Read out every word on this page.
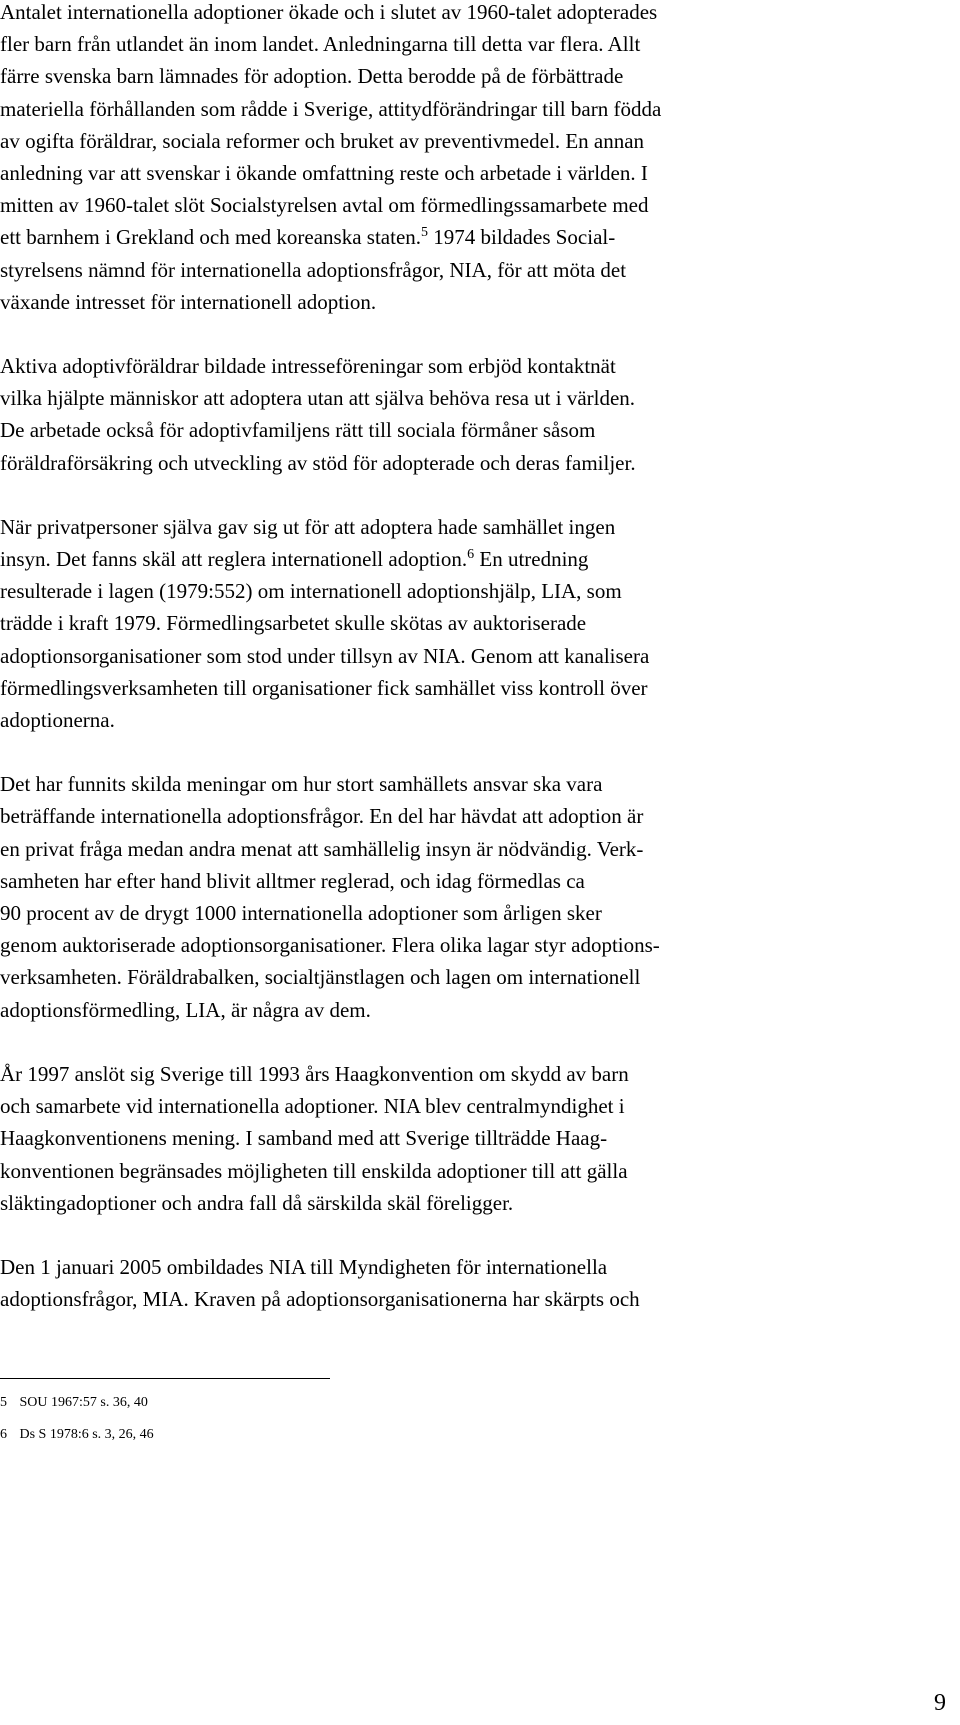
Antalet internationella adoptioner ökade och i slutet av 1960-talet adopterades
fler barn från utlandet än inom landet. Anledningarna till detta var flera. Allt
färre svenska barn lämnades för adoption. Detta berodde på de förbättrade
materiella förhållanden som rådde i Sverige, attitydförändringar till barn födda
av ogifta föräldrar, sociala reformer och bruket av preventivmedel. En annan
anledning var att svenskar i ökande omfattning reste och arbetade i världen. I
mitten av 1960-talet slöt Socialstyrelsen avtal om förmedlingssamarbete med
ett barnhem i Grekland och med koreanska staten.$^5$ 1974 bildades Social-
styrelsens nämnd för internationella adoptionsfrågor, NIA, för att möta det
växande intresset för internationell adoption.

Aktiva adoptivföräldrar bildade intresseföreningar som erbjöd kontaktnät
vilka hjälpte människor att adoptera utan att själva behöva resa ut i världen.
De arbetade också för adoptivfamiljens rätt till sociala förmåner såsom
föräldraförsäkring och utveckling av stöd för adopterade och deras familjer.

När privatpersoner själva gav sig ut för att adoptera hade samhället ingen
insyn. Det fanns skäl att reglera internationell adoption.$^6$ En utredning
resulterade i lagen (1979:552) om internationell adoptionshjälp, LIA, som
trädde i kraft 1979. Förmedlingsarbetet skulle skötas av auktoriserade
adoptionsorganisationer som stod under tillsyn av NIA. Genom att kanalisera
förmedlingsverksamheten till organisationer fick samhället viss kontroll över
adoptionerna.

Det har funnits skilda meningar om hur stort samhällets ansvar ska vara
beträffande internationella adoptionsfrågor. En del har hävdat att adoption är
en privat fråga medan andra menat att samhällelig insyn är nödvändig. Verk-
samheten har efter hand blivit alltmer reglerad, och idag förmedlas ca
90 procent av de drygt 1000 internationella adoptioner som årligen sker
genom auktoriserade adoptionsorganisationer. Flera olika lagar styr adoptions-
verksamheten. Föräldrabalken, socialtjänstlagen och lagen om internationell
adoptionsförmedling, LIA, är några av dem.

År 1997 anslöt sig Sverige till 1993 års Haagkonvention om skydd av barn
och samarbete vid internationella adoptioner. NIA blev centralmyndighet i
Haagkonventionens mening. I samband med att Sverige tillträdde Haag-
konventionen begränsades möjligheten till enskilda adoptioner till att gälla
släktingadoptioner och andra fall då särskilda skäl föreligger.

Den 1 januari 2005 ombildades NIA till Myndigheten för internationella
adoptionsfrågor, MIA. Kraven på adoptionsorganisationerna har skärpts och

5 SOU 1967:57 s. 36, 40

6 Ds S 1978:6 s. 3, 26, 46

9
